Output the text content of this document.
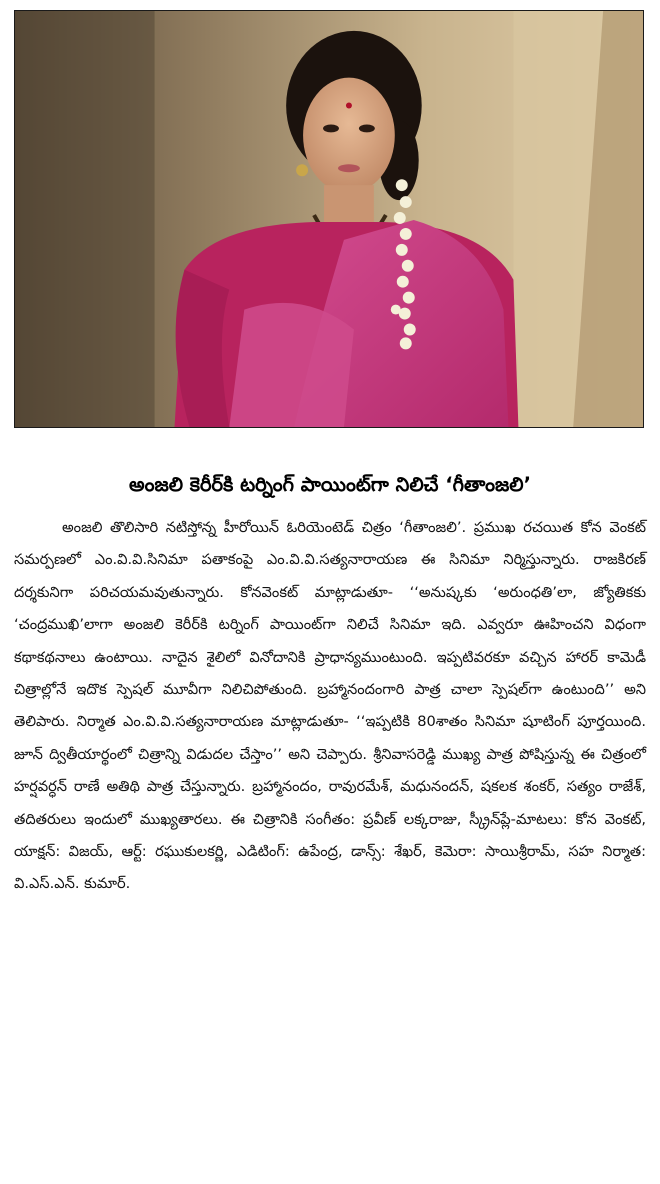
అంజలి కెరీర్‌కి టర్నింగ్ పాయింట్‌గా నిలిచే ‘గీతాంజలి’

అంజలి తొలిసారి నటిస్తోన్న హీరోయిన్ ఓరియెంటెడ్ చిత్రం ‘గీతాంజలి’. ప్రముఖ రచయిత కోన వెంకట్ సమర్పణలో ఎం.వి.వి.సినిమా పతాకంపై ఎం.వి.వి.సత్యనారాయణ ఈ సినిమా నిర్మిస్తున్నారు. రాజకిరణ్ దర్శకునిగా పరిచయమవుతున్నారు. కోనవెంకట్ మాట్లాడుతూ- ‘‘అనుష్కకు ‘అరుంధతి’లా, జ్యోతికకు ‘చంద్రముఖి’లాగా అంజలి కెరీర్‌కి టర్నింగ్ పాయింట్‌గా నిలిచే సినిమా ఇది. ఎవ్వరూ ఊహించని విధంగా కథాకథనాలు ఉంటాయి. నాదైన శైలిలో వినోదానికి ప్రాధాన్యముంటుంది. ఇప్పటివరకూ వచ్చిన హారర్ కామెడీ చిత్రాల్లోనే ఇదొక స్పెషల్ మూవీగా నిలిచిపోతుంది. బ్రహ్మానందంగారి పాత్ర చాలా స్పెషల్‌గా ఉంటుంది’’ అని తెలిపారు. నిర్మాత ఎం.వి.వి.సత్యనారాయణ మాట్లాడుతూ- ‘‘ఇప్పటికి 80శాతం సినిమా షూటింగ్ పూర్తయింది. జూన్ ద్వితీయార్థంలో చిత్రాన్ని విడుదల చేస్తాం’’ అని చెప్పారు. శ్రీనివాసరెడ్డి ముఖ్య పాత్ర పోషిస్తున్న ఈ చిత్రంలో హర్షవర్ధన్ రాణే అతిథి పాత్ర చేస్తున్నారు. బ్రహ్మానందం, రావురమేశ్, మధునందన్, షకలక శంకర్, సత్యం రాజేశ్, తదితరులు ఇందులో ముఖ్యతారలు. ఈ చిత్రానికి సంగీతం: ప్రవీణ్ లక్కరాజు, స్క్రీన్‌ప్లే-మాటలు: కోన వెంకట్, యాక్షన్: విజయ్, ఆర్ట్: రఘుకులకర్ణి, ఎడిటింగ్: ఉపేంద్ర, డాన్స్: శేఖర్, కెమెరా: సాయిశ్రీరామ్, సహ నిర్మాత: వి.ఎస్.ఎన్. కుమార్.
